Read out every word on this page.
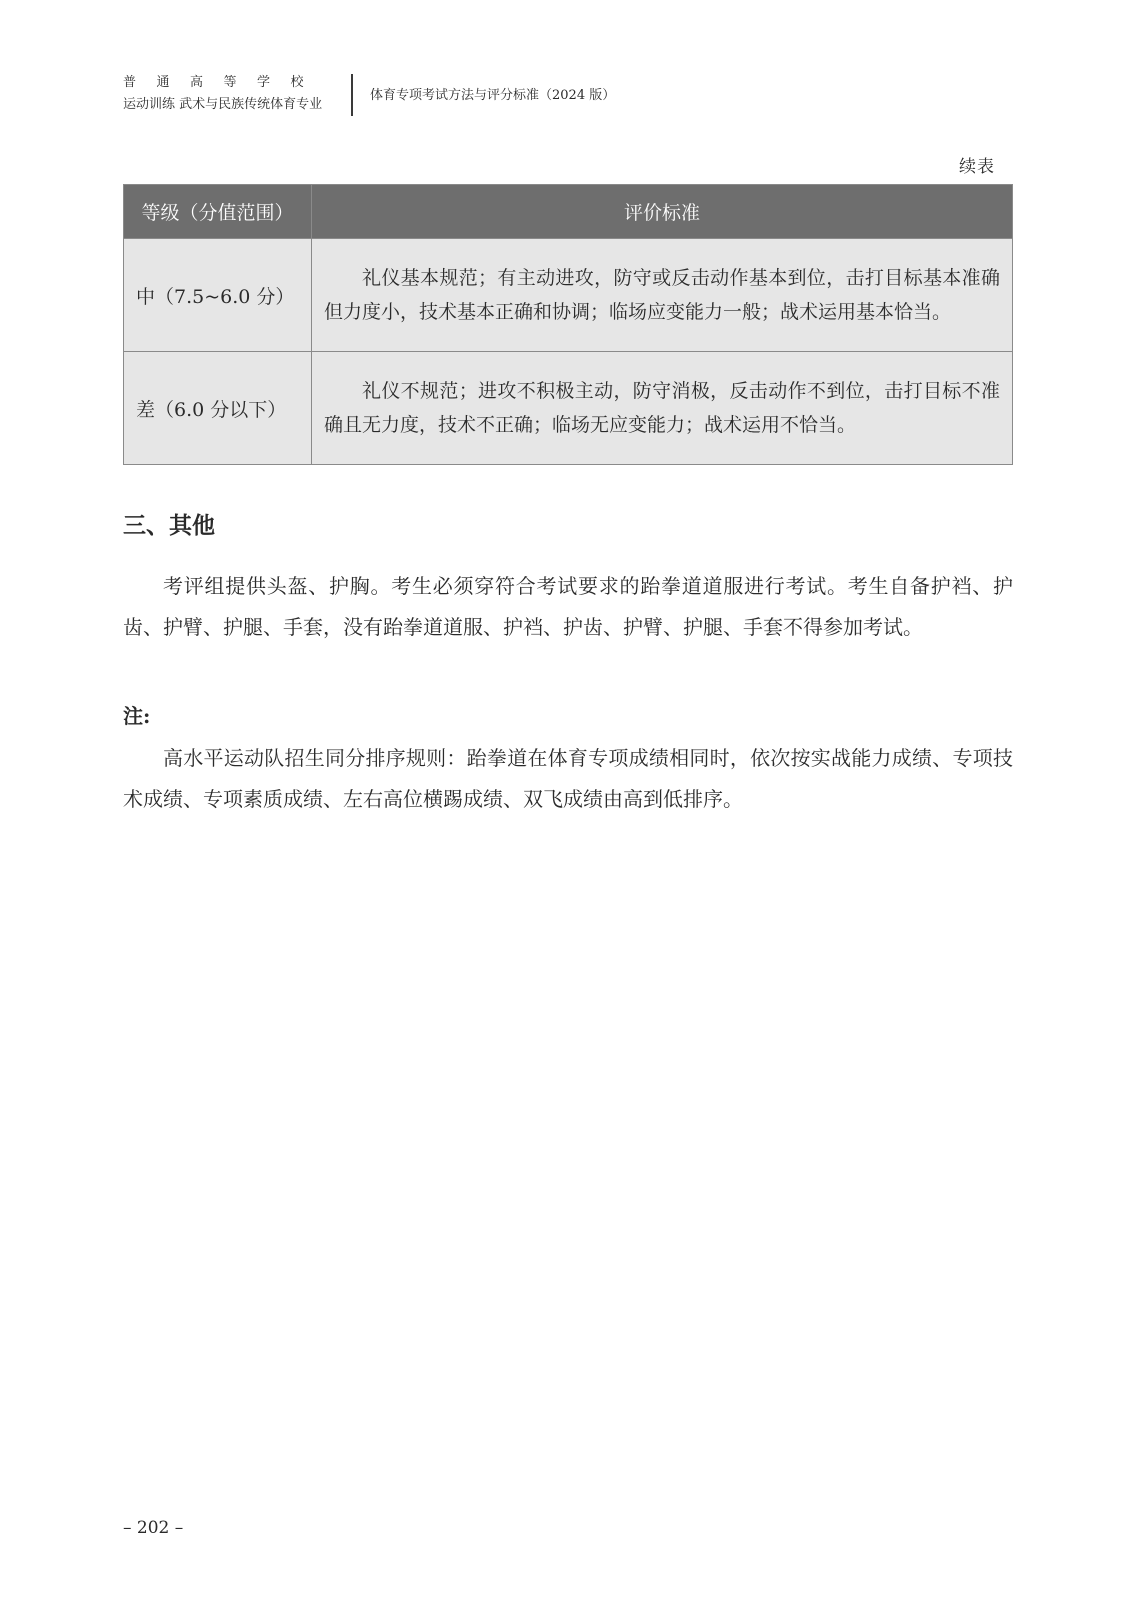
普通高等学校
运动训练 武术与民族传统体育专业
体育专项考试方法与评分标准（2024 版）
续表
等级（分值范围）	评价标准
中（7.5~6.0 分）	礼仪基本规范；有主动进攻，防守或反击动作基本到位，击打目标基本准确但力度小，技术基本正确和协调；临场应变能力一般；战术运用基本恰当。
差（6.0 分以下）	礼仪不规范；进攻不积极主动，防守消极，反击动作不到位，击打目标不准确且无力度，技术不正确；临场无应变能力；战术运用不恰当。
三、其他

考评组提供头盔、护胸。考生必须穿符合考试要求的跆拳道道服进行考试。考生自备护裆、护齿、护臂、护腿、手套，没有跆拳道道服、护裆、护齿、护臂、护腿、手套不得参加考试。

注:

高水平运动队招生同分排序规则：跆拳道在体育专项成绩相同时，依次按实战能力成绩、专项技术成绩、专项素质成绩、左右高位横踢成绩、双飞成绩由高到低排序。

– 202 –
